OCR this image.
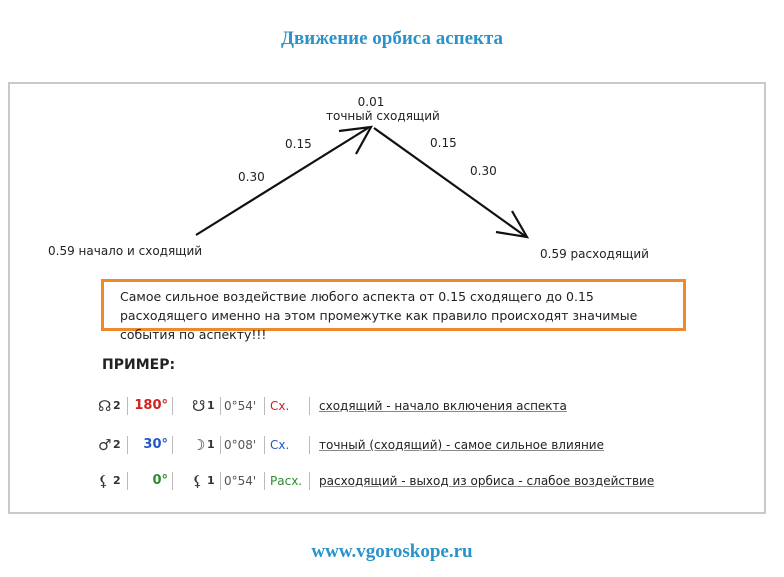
Движение орбиса аспекта
0.01
точный сходящий
0.15
0.30
0.15
0.30
0.59 начало и сходящий	0.59 расходящий
Самое сильное воздействие любого аспекта от 0.15 сходящего до 0.15 расходящего именно на этом промежутке как правило происходят значимые события по аспекту!!!
ПРИМЕР:
☊ 2 180° ☋ 1 0°54' Сх. сходящий - начало включения аспекта
♂ 2	30° ☽ 1 0°08' Сх. точный (сходящий) - самое сильное влияние
⚸ 2	0° ⚸ 1 0°54' Расх. расходящий - выход из орбиса - слабое воздействие
www.vgoroskope.ru
